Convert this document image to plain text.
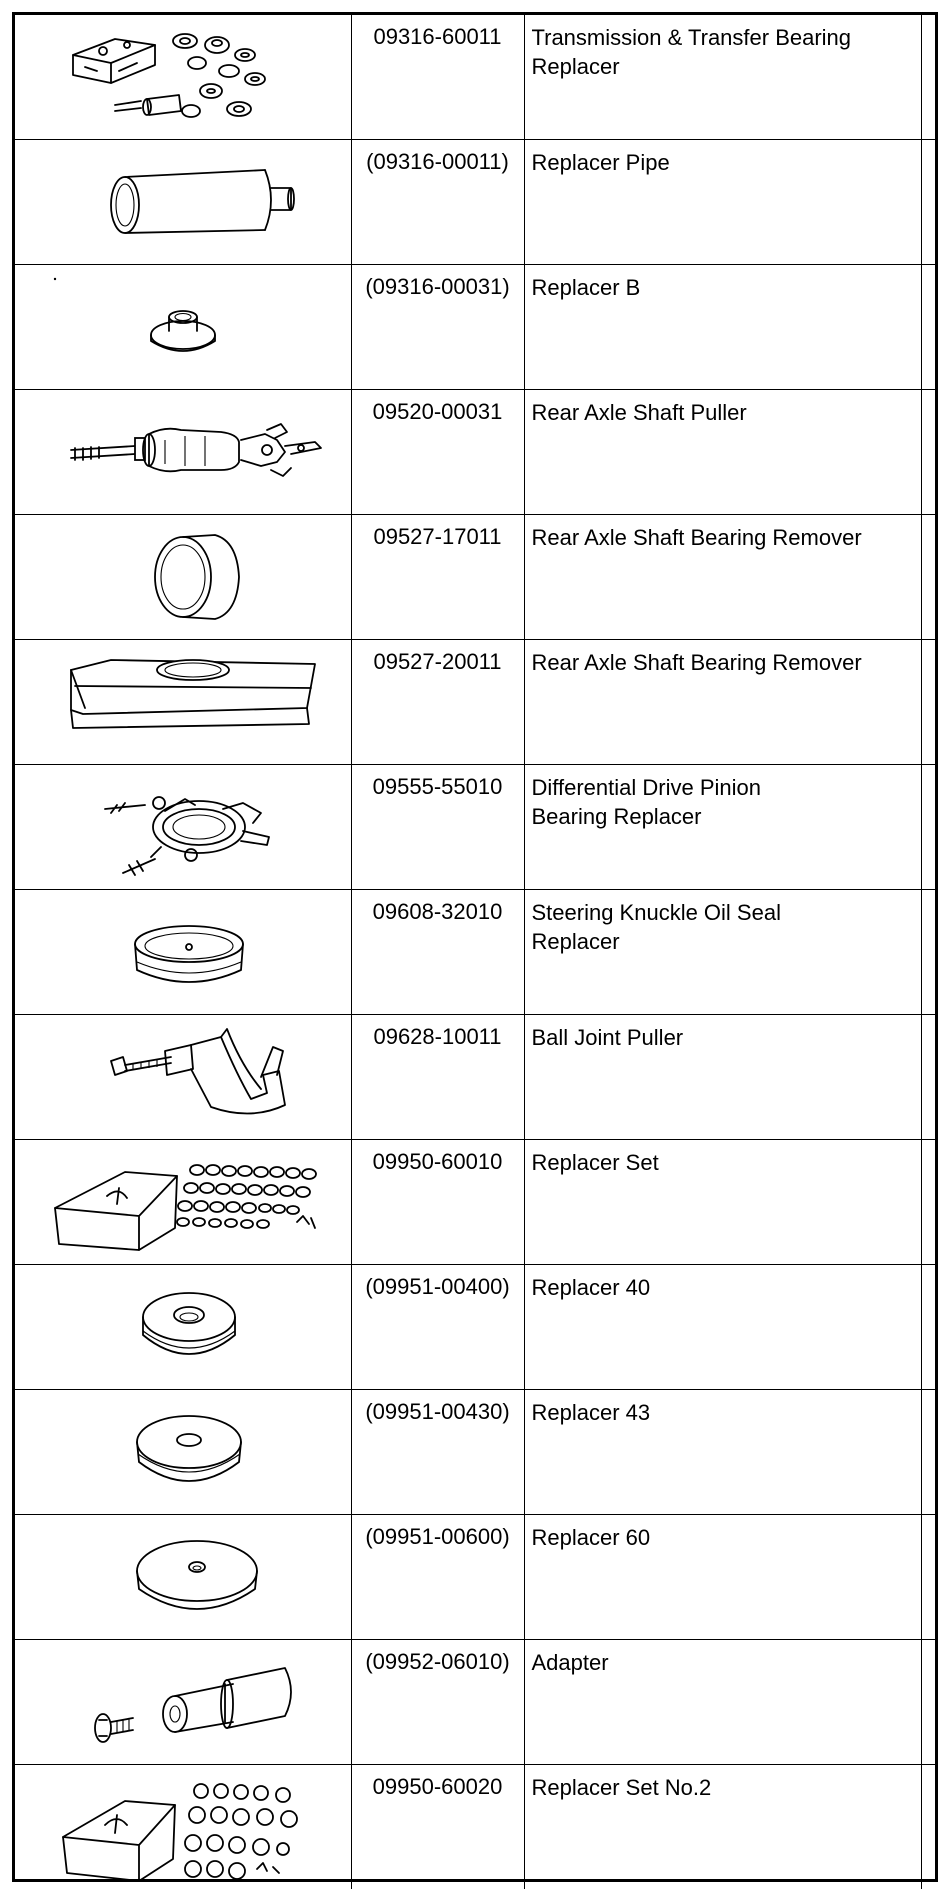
09316-60011	Transmission & Transfer Bearing
Replacer	

(09316-00011)	Replacer Pipe	

(09316-00031)	Replacer B	

09520-00031	Rear Axle Shaft Puller	

09527-17011	Rear Axle Shaft Bearing Remover	

09527-20011	Rear Axle Shaft Bearing Remover	

09555-55010	Differential Drive Pinion
Bearing Replacer	

09608-32010	Steering Knuckle Oil Seal
Replacer	

09628-10011	Ball Joint Puller	

09950-60010	Replacer Set	

(09951-00400)	Replacer 40	

(09951-00430)	Replacer 43	

(09951-00600)	Replacer 60	

(09952-06010)	Adapter	

09950-60020	Replacer Set No.2	
